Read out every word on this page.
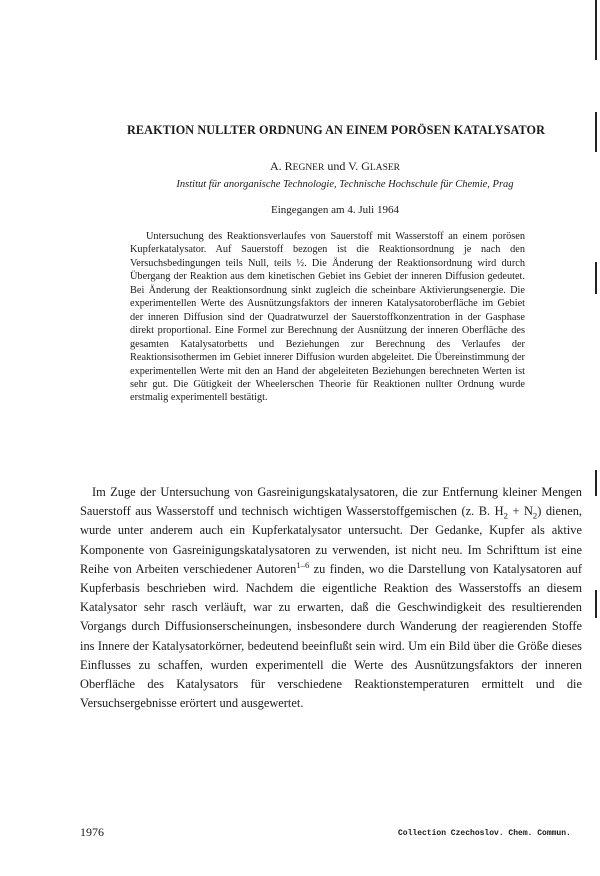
REAKTION NULLTER ORDNUNG AN EINEM PORÖSEN KATALYSATOR
A. REGNER und V. GLASER
Institut für anorganische Technologie, Technische Hochschule für Chemie, Prag
Eingegangen am 4. Juli 1964

Untersuchung des Reaktionsverlaufes von Sauerstoff mit Wasserstoff an einem porösen Kupferkatalysator. Auf Sauerstoff bezogen ist die Reaktionsordnung je nach den Versuchsbedingungen teils Null, teils ½. Die Änderung der Reaktionsordnung wird durch Übergang der Reaktion aus dem kinetischen Gebiet ins Gebiet der inneren Diffusion gedeutet. Bei Änderung der Reaktionsordnung sinkt zugleich die scheinbare Aktivierungsenergie. Die experimentellen Werte des Ausnützungsfaktors der inneren Katalysatoroberfläche im Gebiet der inneren Diffusion sind der Quadratwurzel der Sauerstoffkonzentration in der Gasphase direkt proportional. Eine Formel zur Berechnung der Ausnützung der inneren Oberfläche des gesamten Katalysatorbetts und Beziehungen zur Berechnung des Verlaufes der Reaktionsisothermen im Gebiet innerer Diffusion wurden abgeleitet. Die Übereinstimmung der experimentellen Werte mit den an Hand der abgeleiteten Beziehungen berechneten Werten ist sehr gut. Die Gütigkeit der Wheelerschen Theorie für Reaktionen nullter Ordnung wurde erstmalig experimentell bestätigt.

Im Zuge der Untersuchung von Gasreinigungskatalysatoren, die zur Entfernung kleiner Mengen Sauerstoff aus Wasserstoff und technisch wichtigen Wasserstoffgemischen (z. B. $H_2 + N_2$) dienen, wurde unter anderem auch ein Kupferkatalysator untersucht. Der Gedanke, Kupfer als aktive Komponente von Gasreinigungskatalysatoren zu verwenden, ist nicht neu. Im Schrifttum ist eine Reihe von Arbeiten verschiedener Autoren$^{1-6}$ zu finden, wo die Darstellung von Katalysatoren auf Kupferbasis beschrieben wird. Nachdem die eigentliche Reaktion des Wasserstoffs an diesem Katalysator sehr rasch verläuft, war zu erwarten, daß die Geschwindigkeit des resultierenden Vorgangs durch Diffusionserscheinungen, insbesondere durch Wanderung der reagierenden Stoffe ins Innere der Katalysatorkörner, bedeutend beeinflußt sein wird. Um ein Bild über die Größe dieses Einflusses zu schaffen, wurden experimentell die Werte des Ausnützungsfaktors der inneren Oberfläche des Katalysators für verschiedene Reaktionstemperaturen ermittelt und die Versuchsergebnisse erörtert und ausgewertet.

1976	Collection Czechoslov. Chem. Commun.
